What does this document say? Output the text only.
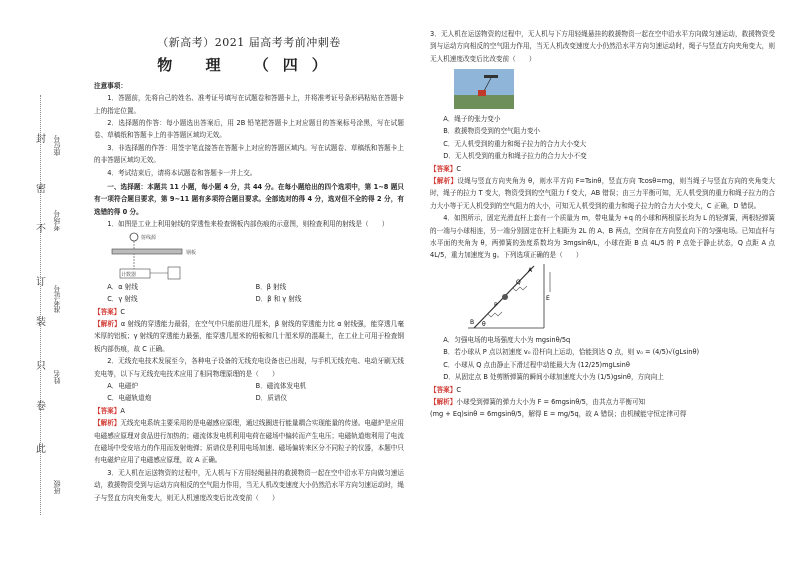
封
密
不
订
装
只
卷
此
座位号
考场号
准考证号
姓名
班级
（新高考）2021 届高考考前冲刺卷
物 理 （四）

注意事项：

1．答题前，先将自己的姓名、准考证号填写在试题卷和答题卡上，并将准考证号条形码粘贴在答题卡上的指定位置。

2．选择题的作答：每小题选出答案后，用 2B 铅笔把答题卡上对应题目的答案标号涂黑，写在试题卷、草稿纸和答题卡上的非答题区域均无效。

3．非选择题的作答：用签字笔直接答在答题卡上对应的答题区域内。写在试题卷、草稿纸和答题卡上的非答题区域均无效。

4．考试结束后，请将本试题卷和答题卡一并上交。

一、选择题：本题共 11 小题，每小题 4 分，共 44 分。在每小题给出的四个选项中，第 1~8 题只有一项符合题目要求，第 9~11 题有多项符合题目要求。全部选对的得 4 分，选对但不全的得 2 分，有选错的得 0 分。

1．如图是工业上利用射线的穿透性来检查钢板内部伤痕的示意图，则检查利用的射线是（　　）

射线源
钢板
计数器
A．α 射线	B．β 射线
C．γ 射线	D．β 和 γ 射线

【答案】C

【解析】α 射线的穿透能力最弱，在空气中只能前进几厘米，β 射线的穿透能力比 α 射线强，能穿透几毫米厚的铝板；γ 射线的穿透能力最强，能穿透几厘米的铅板和几十厘米厚的混凝土，在工业上可用于检查钢板内部伤痕，故 C 正确。

2．无线充电技术发展至今，各种电子设备的无线充电设备也已出现，与手机无线充电、电动牙刷无线充电等，以下与无线充电技术应用了相同物理原理的是（　　）

A．电磁炉	B．磁流体发电机
C．电磁轨道炮	D．质谱仪

【答案】A

【解析】无线充电系统主要采用的是电磁感应原理，通过线圈进行能量耦合实现能量的传递。电磁炉是应用电磁感应原理对食品进行加热的；磁流体发电机利用电荷在磁场中偏转而产生电压；电磁轨道炮利用了电流在磁场中受安培力的作用而发射炮弹；质谱仪是利用电场加速、磁场偏转来区分不同粒子的仪器，本题中只有电磁炉应用了电磁感应原理，故 A 正确。

3．无人机在运送物资的过程中，无人机与下方用轻绳悬挂的救援物资一起在空中沿水平方向做匀速运动，救援物资受到与运动方向相反的空气阻力作用，当无人机改变速度大小仍然沿水平方向匀速运动时，绳子与竖直方向夹角变大，则无人机速度改变后比改变前（　　）

3．无人机在运送物资的过程中，无人机与下方用轻绳悬挂的救援物资一起在空中沿水平方向做匀速运动，救援物资受到与运动方向相反的空气阻力作用，当无人机改变速度大小仍然沿水平方向匀速运动时，绳子与竖直方向夹角变大，则无人机速度改变后比改变前（　　）

A．绳子的张力变小

B．救援物资受到的空气阻力变小

C．无人机受到的重力和绳子拉力的合力大小变大

D．无人机受到的重力和绳子拉力的合力大小不变

【答案】C

【解析】设绳与竖直方向夹角为 θ，则水平方向 F=Tsinθ，竖直方向 Tcosθ=mg，则当绳子与竖直方向的夹角变大时，绳子的拉力 T 变大，物资受到的空气阻力 f 变大，AB 错误；由三力平衡可知，无人机受到的重力和绳子拉力的合力大小等于无人机受到的空气阻力的大小，可知无人机受到的重力和绳子拉力的合力大小变大，C 正确，D 错误。

4．如图所示，固定光滑直杆上套有一个质量为 m，带电量为 +q 的小球和两根原长均为 L 的轻弹簧，两根轻弹簧的一端与小球相连，另一端分别固定在杆上相距为 2L 的 A、B 两点，空间存在方向竖直向下的匀强电场。已知直杆与水平面的夹角为 θ，两弹簧的劲度系数均为 3mgsinθ/L，小球在距 B 点 4L/5 的 P 点处于静止状态，Q 点距 A 点 4L/5，重力加速度为 g。下列选项正确的是（　　）

A
B
P
Q
θ
E

A．匀强电场的电场强度大小为 mgsinθ/5q

B．若小球从 P 点以初速度 v₀ 沿杆向上运动，恰能到达 Q 点，则 v₀ = (4/5)√(gLsinθ)

C．小球从 Q 点由静止下滑过程中动能最大为 (12/25)mgLsinθ

D．从固定点 B 处剪断弹簧的瞬间小球加速度大小为 (1/5)gsinθ，方向向上

【答案】C

【解析】小球受到弹簧的弹力大小为 F = 6mgsinθ/5，由共点力平衡可知

(mg + Eq)sinθ = 6mgsinθ/5，解得 E = mg/5q，故 A 错误；由机械能守恒定律可得
